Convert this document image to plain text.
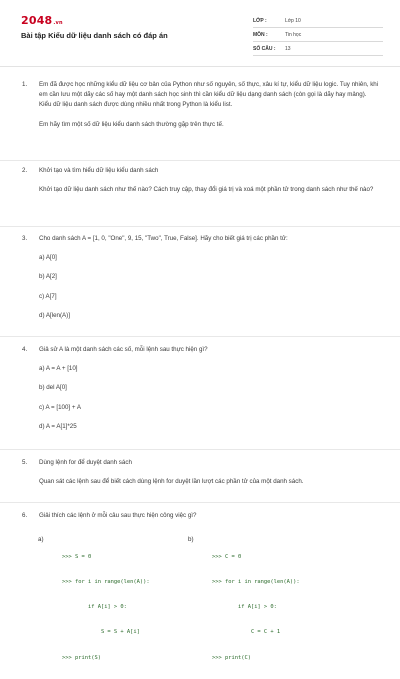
2048.vn
Bài tập Kiểu dữ liệu danh sách có đáp án
LỚP :	Lớp 10
MÔN :	Tin học
SỐ CÂU : 13
1.	Em đã được học những kiểu dữ liệu cơ bản của Python như số nguyên, số thực, xâu kí tự, kiểu dữ liệu logic. Tuy nhiên, khi em cần lưu một dãy các số hay một danh sách học sinh thì cần kiểu dữ liệu dạng danh sách (còn gọi là dãy hay mảng). Kiểu dữ liệu danh sách được dùng nhiều nhất trong Python là kiểu list.

Em hãy tìm một số dữ liệu kiểu danh sách thường gặp trên thực tế.

2.	Khởi tạo và tìm hiểu dữ liệu kiểu danh sách

Khởi tạo dữ liệu danh sách như thế nào? Cách truy cập, thay đổi giá trị và xoá một phần tử trong danh sách như thế nào?

3.	Cho danh sách A = [1, 0, "One", 9, 15, "Two", True, False]. Hãy cho biết giá trị các phần tử:

a) A[0]

b) A[2]

c) A[7]

d) A[len(A)]

4.	Giả sử A là một danh sách các số, mỗi lệnh sau thực hiện gì?

a) A = A + [10]

b) del A[0]

c) A = [100] + A

d) A = A[1]*25

5.	Dùng lệnh for để duyệt danh sách

Quan sát các lệnh sau để biết cách dùng lệnh for duyệt lần lượt các phần tử của một danh sách.

6.	Giải thích các lệnh ở mỗi câu sau thực hiện công việc gì?

a)

>>> S = 0

>>> for i in range(len(A)):

if A[i] > 0:

S = S + A[i]

>>> print(S)

b)

>>> C = 0

>>> for i in range(len(A)):

if A[i] > 0:

C = C + 1

>>> print(C)
